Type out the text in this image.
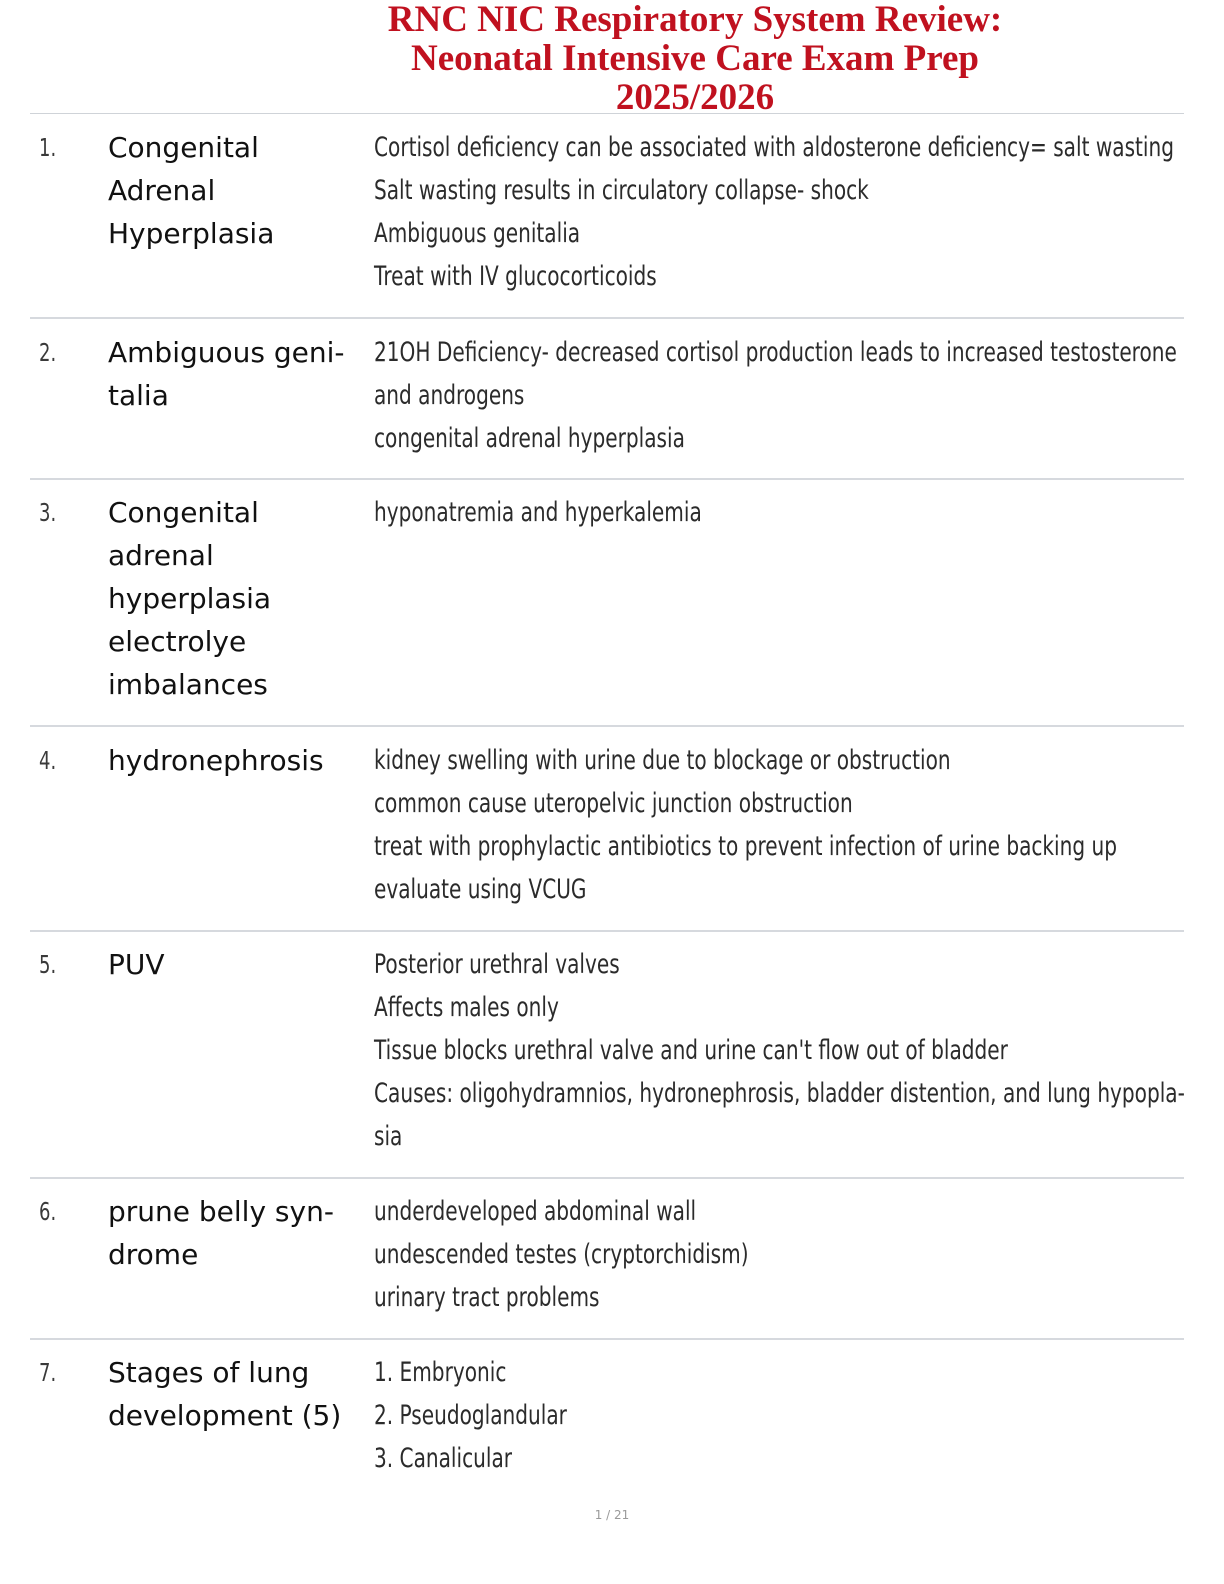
RNC NIC Respiratory System Review:
Neonatal Intensive Care Exam Prep
2025/2026
1. Congenital
Adrenal
Hyperplasia
Cortisol deficiency can be associated with aldosterone deficiency= salt wasting
Salt wasting results in circulatory collapse- shock
Ambiguous genitalia
Treat with IV glucocorticoids
2. Ambiguous geni-
talia
21OH Deficiency- decreased cortisol production leads to increased testosterone
and androgens
congenital adrenal hyperplasia
3. Congenital
adrenal
hyperplasia
electrolye
imbalances
hyponatremia and hyperkalemia
4. hydronephrosis	kidney swelling with urine due to blockage or obstruction
common cause uteropelvic junction obstruction
treat with prophylactic antibiotics to prevent infection of urine backing up
evaluate using VCUG
5. PUV	Posterior urethral valves
Affects males only
Tissue blocks urethral valve and urine can't flow out of bladder
Causes: oligohydramnios, hydronephrosis, bladder distention, and lung hypopla-
sia
6. prune belly syn-
drome
underdeveloped abdominal wall
undescended testes (cryptorchidism)
urinary tract problems
7. Stages of lung
development (5)
1. Embryonic
2. Pseudoglandular
3. Canalicular
1 / 21
